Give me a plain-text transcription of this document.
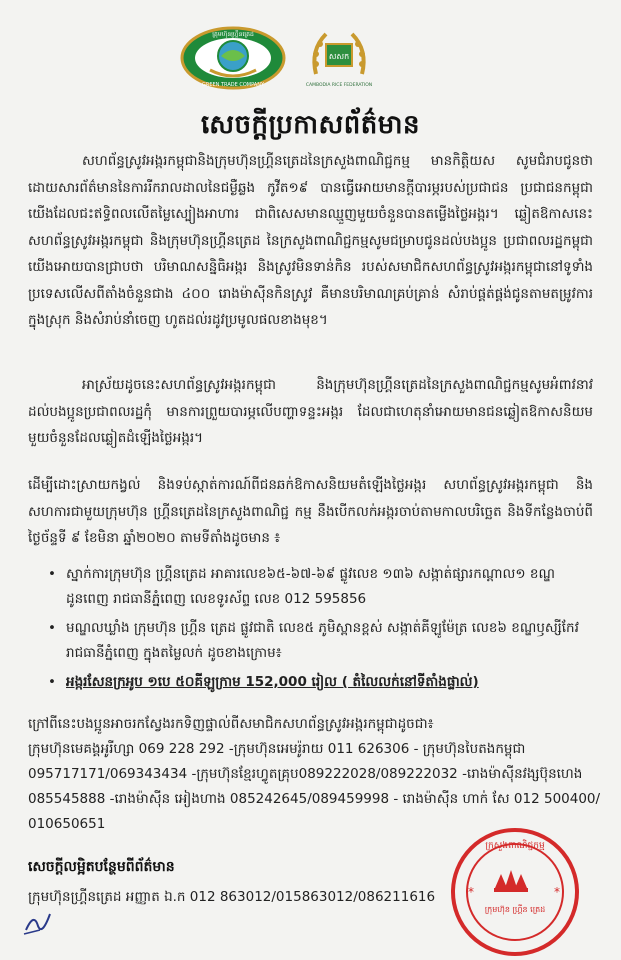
គ្រុមហ៊ុនហ្គ្រីនត្រេដ
GREEN TRADE COMPANY
សសក
CAMBODIA RICE FEDERATION
សេចក្តីប្រកាសព័ត៌មាន
សហព័ន្ធស្រូវអង្ករកម្ពុជានិងក្រុមហ៊ុនហ្គ្រីនត្រេដនៃក្រសួងពាណិជ្ជកម្ម មានកិត្តិយស សូមជំរាបជូនថា ដោយសារព័ត៌មាននៃការរីករាលដាលនៃជម្ងឺឆ្លង កូវីត១៩ បានធ្វើអោយមានក្តីបារម្ភរបស់ប្រជាជន ប្រជាជនកម្ពុជាយើងដែលជះឥទ្ធិពលលើតម្លៃស្បៀងអាហារ ជាពិសេសមានឈ្មួញមួយចំនួនបានតម្លើងថ្លៃអង្ករ។ ឆ្លៀតឱកាសនេះសហព័ន្ធស្រូវអង្ករកម្ពុជា និងក្រុមហ៊ុនហ្គ្រីនត្រេដ នៃក្រសួងពាណិជ្ជកម្មសូមជម្រាបជូនដល់បងប្អូន ប្រជាពលរដ្ឋកម្ពុជាយើងអោយបានជ្រាបថា បរិមាណសន្និធិអង្ករ និងស្រូវមិនទាន់កិន របស់សមាជិកសហព័ន្ធស្រូវអង្ករកម្ពុជានៅទូទាំងប្រទេសលើសពីតាំងចំនួនជាង ៤០០ រោងម៉ាស៊ីនកិនស្រូវ គឺមានបរិមាណគ្រប់គ្រាន់ សំរាប់ផ្គត់ផ្គង់ជូនតាមតម្រូវការក្នុងស្រុក និងសំរាប់នាំចេញ ហូតដល់រដូវប្រមូលផលខាងមុខ។
អាស្រ័យដូចនេះសហព័ន្ធស្រូវអង្ករកម្ពុជា និងក្រុមហ៊ុនហ្គ្រីនត្រេដនៃក្រសួងពាណិជ្ជកម្មសូមអំពាវនាវដល់បងប្អូនប្រជាពលរដ្ឋកុំ មានការព្រួយបារម្ភលើបញ្ហាទន្ទះអង្ករ ដែលជាហេតុនាំអោយមានជនឆ្លៀតឱកាសនិយម មួយចំនួនដែលឆ្លៀតដំឡើងថ្លៃអង្ករ។
ដើម្បីដោះស្រាយកង្វល់ និងទប់ស្កាត់ការណ៍ពីជនឆក់ឱកាសនិយមតំឡើងថ្លៃអង្ករ សហព័ន្ធស្រូវអង្ករកម្ពុជា និងសហការជាមួយក្រុមហ៊ុន ហ្គ្រីនត្រេដនៃក្រសួងពាណិជ្ជ កម្ម នឹងបើកលក់អង្ករចាប់តាមកាលបរិច្ឆេត និងទីកន្លែងចាប់ពី ថ្ងៃច័ន្ទទី ៩ ខែមិនា ឆ្នាំ២០២០ តាមទីតាំងដូចមាន ៖
• ស្នាក់ការក្រុមហ៊ុន ហ្គ្រីនត្រេដ អាគារលេខ៦៥-៦៧-៦៩ ផ្លូវលេខ ១៣៦ សង្កាត់ផ្សារកណ្តាល១ ខណ្ឌដូនពេញ រាជធានីភ្នំពេញ លេខទូរស័ព្ទ លេខ 012 595856
• មណ្ឌលឃ្លាំង ក្រុមហ៊ុន ហ្គ្រីន ត្រេដ ផ្លូវជាតិ លេខ៥ ភូមិស្ពានខ្ពស់ សង្កាត់គីឡូម៉ែត្រ លេខ៦ ខណ្ឌឫស្សីកែវ រាជធានីភ្នំពេញ ក្នុងតម្លៃលក់ ដូចខាងក្រោម៖
• អង្ករសែនក្រអូប ១បេ ៥០គីឡូក្រាម 152,000 រៀល ( តំលៃលក់នៅទីតាំងផ្ទាល់)
ក្រៅពីនេះបងប្អូនអាចរកស្វែងរកទិញផ្ទាល់ពីសមាជិកសហព័ន្ធស្រូវអង្ករកម្ពុជាដូចជា៖
ក្រុមហ៊ុនមេគង្គអូរីហ្សា 069 228 292 -ក្រុមហ៊ុនអេមរ៉ូរាយ 011 626306 - ក្រុមហ៊ុនបៃតងកម្ពុជា
095717171/069343434 -ក្រុមហ៊ុនខ្មែរហ្វូតគ្រុប089222028/089222032 -រោងម៉ាស៊ីនវង្សប៊ុនហេង
085545888 -រោងម៉ាស៊ីន អៀងហាង 085242645/089459998 - រោងម៉ាស៊ីន ហាក់ សែ 012 500400/
010650651
សេចក្តីលម្អិតបន្ថែមពីព័ត៌មាន
ក្រុមហ៊ុនហ្គ្រីនត្រេដ អញ្ញាត ឯ.ក 012 863012/015863012/086211616
ក្រសួងពាណិជ្ជកម្ម
ក្រុមហ៊ុន ហ្គ្រីន ត្រេដ
*	*
